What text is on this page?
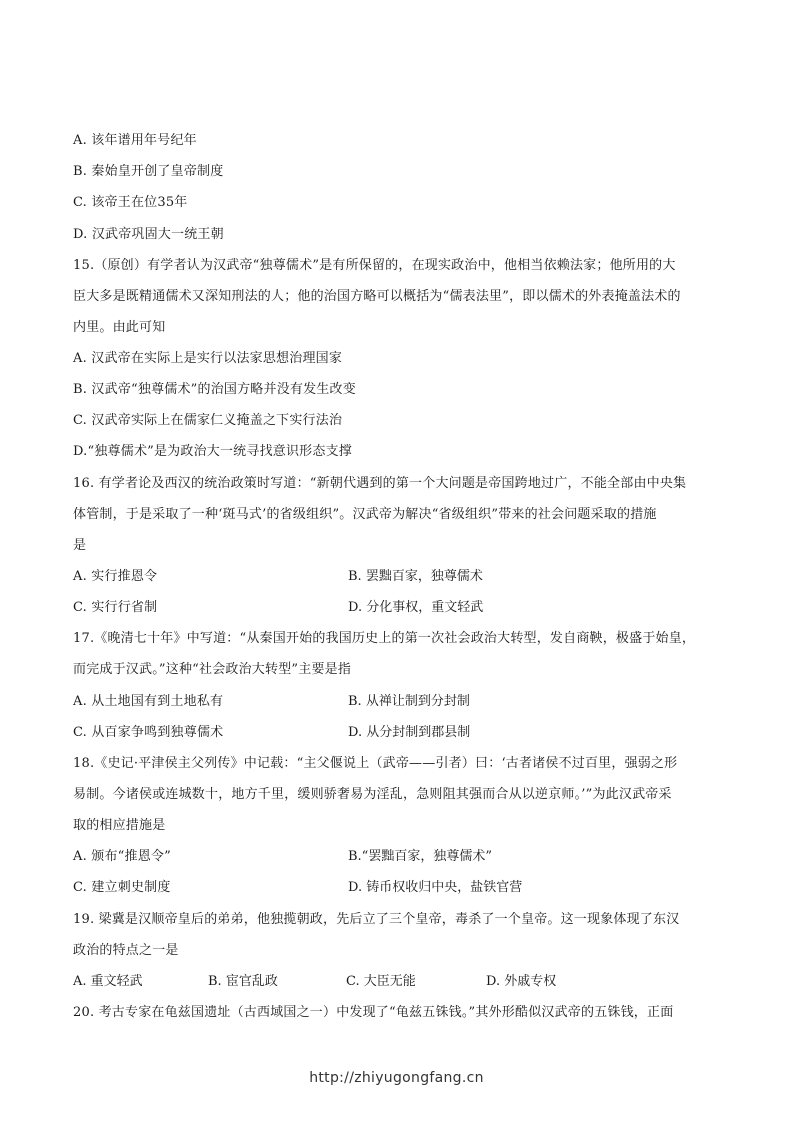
A. 该年谱用年号纪年
B. 秦始皇开创了皇帝制度
C. 该帝王在位35年
D. 汉武帝巩固大一统王朝
15.（原创）有学者认为汉武帝“独尊儒术”是有所保留的，在现实政治中，他相当依赖法家；他所用的大
臣大多是既精通儒术又深知刑法的人；他的治国方略可以概括为“儒表法里”，即以儒术的外表掩盖法术的
内里。由此可知
A. 汉武帝在实际上是实行以法家思想治理国家
B. 汉武帝“独尊儒术”的治国方略并没有发生改变
C. 汉武帝实际上在儒家仁义掩盖之下实行法治
D.“独尊儒术”是为政治大一统寻找意识形态支撑
16. 有学者论及西汉的统治政策时写道：“新朝代遇到的第一个大问题是帝国跨地过广，不能全部由中央集
体管制，于是采取了一种‘斑马式’的省级组织”。汉武帝为解决“省级组织”带来的社会问题采取的措施
是
A. 实行推恩令	B. 罢黜百家，独尊儒术
C. 实行行省制	D. 分化事权，重文轻武
17.《晚清七十年》中写道：“从秦国开始的我国历史上的第一次社会政治大转型，发自商鞅，极盛于始皇，
而完成于汉武。”这种“社会政治大转型”主要是指
A. 从土地国有到土地私有	B. 从禅让制到分封制
C. 从百家争鸣到独尊儒术	D. 从分封制到郡县制
18.《史记·平津侯主父列传》中记载：“主父偃说上（武帝——引者）曰：‘古者诸侯不过百里，强弱之形
易制。今诸侯或连城数十，地方千里，缓则骄奢易为淫乱，急则阻其强而合从以逆京师。’”为此汉武帝采
取的相应措施是
A. 颁布“推恩令”	B.“罢黜百家，独尊儒术”
C. 建立刺史制度	D. 铸币权收归中央，盐铁官营
19. 梁冀是汉顺帝皇后的弟弟，他独揽朝政，先后立了三个皇帝，毒杀了一个皇帝。这一现象体现了东汉
政治的特点之一是
A. 重文轻武	B. 宦官乱政	C. 大臣无能	D. 外戚专权
20. 考古专家在龟兹国遗址（古西域国之一）中发现了“龟兹五铢钱。”其外形酷似汉武帝的五铢钱，正面
http://zhiyugongfang.cn
